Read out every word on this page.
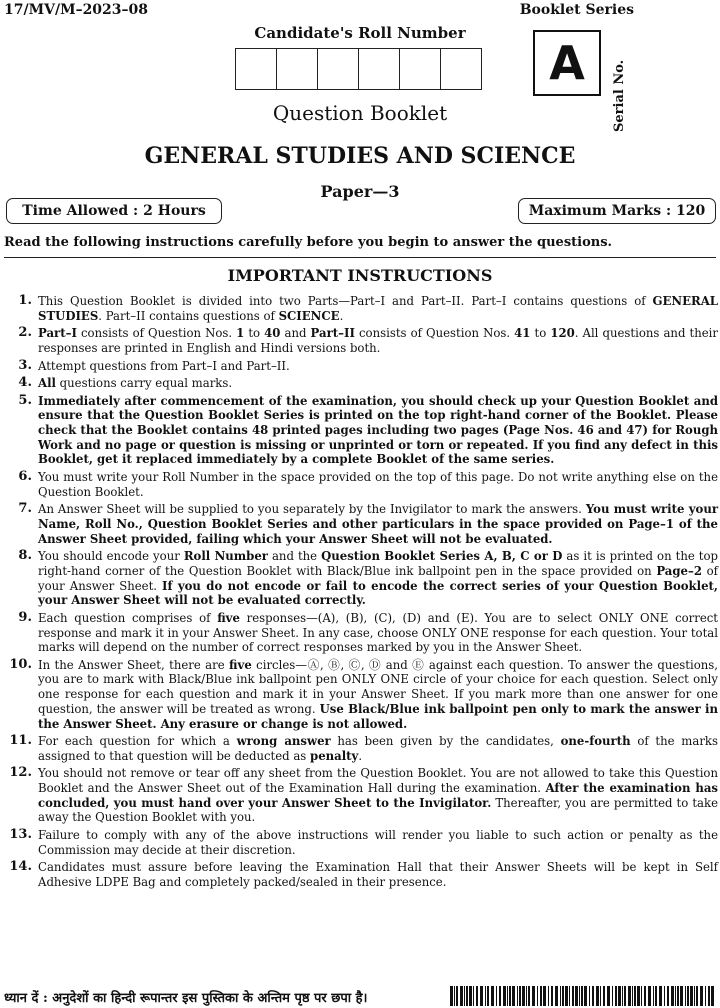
17/MV/M–2023–08	Booklet Series
Candidate's Roll Number
A	Serial No.
Question Booklet
GENERAL STUDIES AND SCIENCE
Paper—3
Time Allowed : 2 Hours	Maximum Marks : 120
Read the following instructions carefully before you begin to answer the questions.
IMPORTANT INSTRUCTIONS
1. This Question Booklet is divided into two Parts—Part–I and Part–II. Part–I contains questions of GENERAL STUDIES. Part–II contains questions of SCIENCE.
2. Part–I consists of Question Nos. 1 to 40 and Part–II consists of Question Nos. 41 to 120. All questions and their responses are printed in English and Hindi versions both.
3. Attempt questions from Part–I and Part–II.
4. All questions carry equal marks.
5. Immediately after commencement of the examination, you should check up your Question Booklet and ensure that the Question Booklet Series is printed on the top right-hand corner of the Booklet. Please check that the Booklet contains 48 printed pages including two pages (Page Nos. 46 and 47) for Rough Work and no page or question is missing or unprinted or torn or repeated. If you find any defect in this Booklet, get it replaced immediately by a complete Booklet of the same series.
6. You must write your Roll Number in the space provided on the top of this page. Do not write anything else on the Question Booklet.
7. An Answer Sheet will be supplied to you separately by the Invigilator to mark the answers. You must write your Name, Roll No., Question Booklet Series and other particulars in the space provided on Page–1 of the Answer Sheet provided, failing which your Answer Sheet will not be evaluated.
8. You should encode your Roll Number and the Question Booklet Series A, B, C or D as it is printed on the top right-hand corner of the Question Booklet with Black/Blue ink ballpoint pen in the space provided on Page–2 of your Answer Sheet. If you do not encode or fail to encode the correct series of your Question Booklet, your Answer Sheet will not be evaluated correctly.
9. Each question comprises of five responses—(A), (B), (C), (D) and (E). You are to select ONLY ONE correct response and mark it in your Answer Sheet. In any case, choose ONLY ONE response for each question. Your total marks will depend on the number of correct responses marked by you in the Answer Sheet.
10. In the Answer Sheet, there are five circles—Ⓐ, Ⓑ, Ⓒ, Ⓓ and Ⓔ against each question. To answer the questions, you are to mark with Black/Blue ink ballpoint pen ONLY ONE circle of your choice for each question. Select only one response for each question and mark it in your Answer Sheet. If you mark more than one answer for one question, the answer will be treated as wrong. Use Black/Blue ink ballpoint pen only to mark the answer in the Answer Sheet. Any erasure or change is not allowed.
11. For each question for which a wrong answer has been given by the candidates, one-fourth of the marks assigned to that question will be deducted as penalty.
12. You should not remove or tear off any sheet from the Question Booklet. You are not allowed to take this Question Booklet and the Answer Sheet out of the Examination Hall during the examination. After the examination has concluded, you must hand over your Answer Sheet to the Invigilator. Thereafter, you are permitted to take away the Question Booklet with you.
13. Failure to comply with any of the above instructions will render you liable to such action or penalty as the Commission may decide at their discretion.
14. Candidates must assure before leaving the Examination Hall that their Answer Sheets will be kept in Self Adhesive LDPE Bag and completely packed/sealed in their presence.
ध्यान दें : अनुदेशों का हिन्दी रूपान्तर इस पुस्तिका के अन्तिम पृष्ठ पर छपा है।
